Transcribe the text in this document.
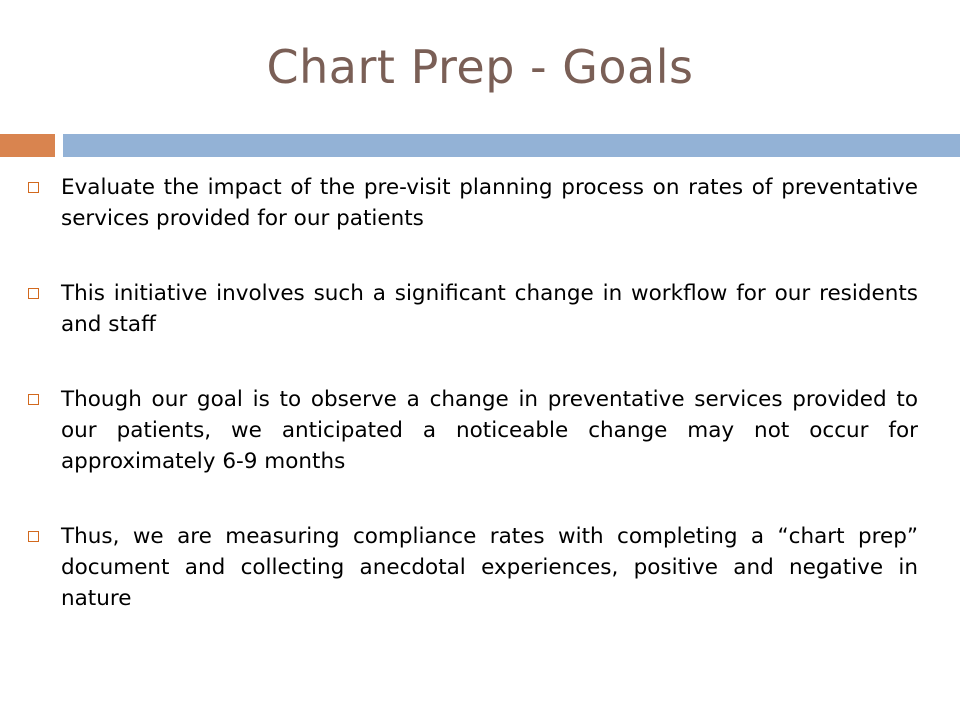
Chart Prep - Goals
Evaluate the impact of the pre-visit planning process on rates of preventative services provided for our patients
This initiative involves such a significant change in workflow for our residents and staff
Though our goal is to observe a change in preventative services provided to our patients, we anticipated a noticeable change may not occur for approximately 6-9 months
Thus, we are measuring compliance rates with completing a “chart prep” document and collecting anecdotal experiences, positive and negative in nature
